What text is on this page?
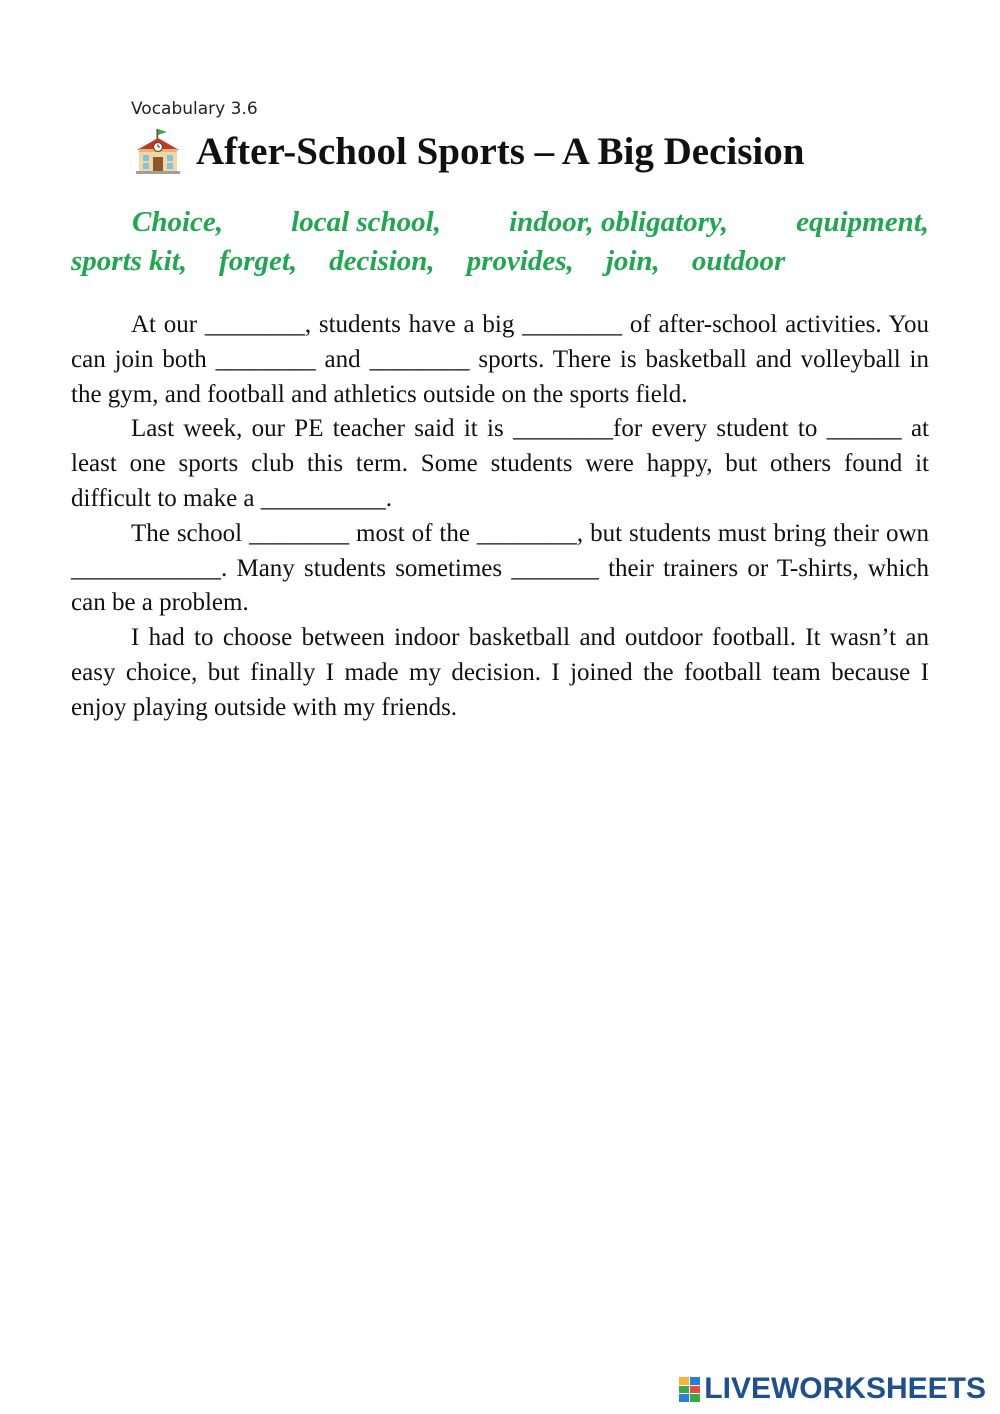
Vocabulary 3.6
After-School Sports – A Big Decision
Choice, local school, indoor, obligatory, equipment,
sports kit, forget, decision, provides, join, outdoor

At our ________, students have a big ________ of after-school activities. You can join both ________ and ________ sports. There is basketball and volleyball in the gym, and football and athletics outside on the sports field.

Last week, our PE teacher said it is ________for every student to ______ at least one sports club this term. Some students were happy, but others found it difficult to make a __________.

The school ________ most of the ________, but students must bring their own ____________. Many students sometimes _______ their trainers or T-shirts, which can be a problem.

I had to choose between indoor basketball and outdoor football. It wasn’t an easy choice, but finally I made my decision. I joined the football team because I enjoy playing outside with my friends.

LIVEWORKSHEETS
